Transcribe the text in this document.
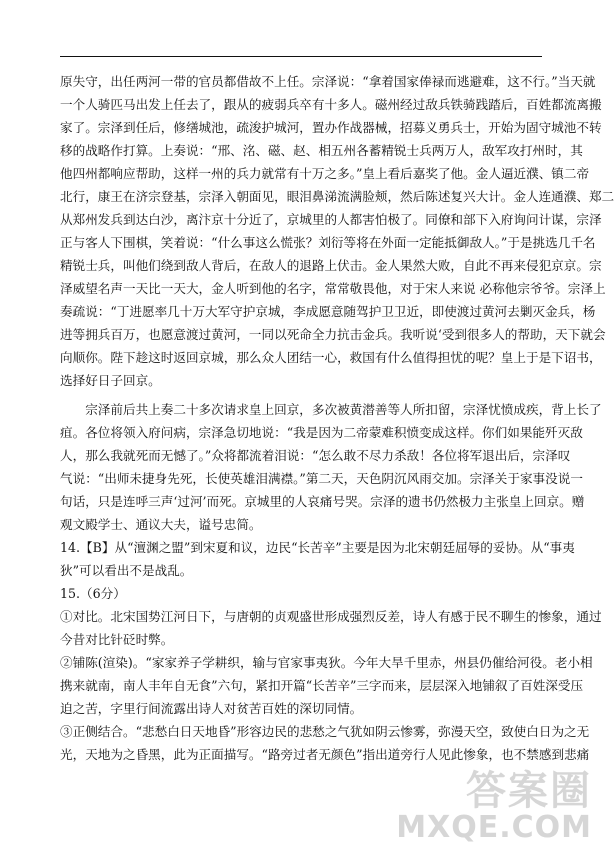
原失守，出任两河一带的官员都借故不上任。宗泽说：“拿着国家俸禄而逃避难，这不行。”当天就

一个人骑匹马出发上任去了，跟从的疲弱兵卒有十多人。磁州经过敌兵铁骑践踏后，百姓都流离搬

家了。宗泽到任后，修缮城池，疏浚护城河，置办作战器械，招募义勇兵士，开始为固守城池不转

移的战略作打算。上奏说：“邢、洺、磁、赵、相五州各蓄精锐士兵两万人，敌军攻打州时，其

他四州都响应帮助，这样一州的兵力就常有十万之多。”皇上看后嘉奖了他。金人逼近濮、镇二帝

北行，康王在济宗登基，宗泽入朝面见，眼泪鼻涕流满脸颊，然后陈述复兴大计。金人连通濮、郑二

从郑州发兵到达白沙，离汴京十分近了，京城里的人都害怕极了。同僚和部下入府询问计谋，宗泽

正与客人下围棋，笑着说：“什么事这么慌张？刘衍等将在外面一定能抵御敌人。”于是挑选几千名

精锐士兵，叫他们绕到敌人背后，在敌人的退路上伏击。金人果然大败，自此不再来侵犯京京。宗

泽威望名声一天比一天大，金人听到他的名字，常常敬畏他，对于宋人来说 必称他宗爷爷。宗泽上

奏疏说：“丁进愿率几十万大军守护京城，李成愿意随驾护卫卫近，即使渡过黄河去剿灭金兵，杨

进等拥兵百万，也愿意渡过黄河，一同以死命全力抗击金兵。我听说‘受到很多人的帮助，天下就会

向顺你。陛下趁这时返回京城，那么众人团结一心，救国有什么值得担忧的呢？皇上于是下诏书，

选择好日子回京。

宗泽前后共上奏二十多次请求皇上回京，多次被黄潜善等人所扣留，宗泽忧愤成疾，背上长了

疽。各位将领入府问病，宗泽急切地说：“我是因为二帝蒙难积愤变成这样。你们如果能歼灭敌

人，那么我就死而无憾了。”众将都流着泪说：“怎么敢不尽力杀敌！各位将军退出后，宗泽叹

气说：“出师未捷身先死，长使英雄泪满襟。”第二天，天色阴沉风雨交加。宗泽关于家事没说一

句话，只是连呼三声‘过河’而死。京城里的人哀痛号哭。宗泽的遗书仍然极力主张皇上回京。赠

观文殿学士、通议大夫，谥号忠简。

14.【B】从“澶渊之盟”到宋夏和议，边民“长苦辛”主要是因为北宋朝廷屈辱的妥协。从“事夷

狄”可以看出不是战乱。

15.（6分）

①对比。北宋国势江河日下，与唐朝的贞观盛世形成强烈反差，诗人有感于民不聊生的惨象，通过

今昔对比针砭时弊。

②铺陈(渲染)。“家家养子学耕织，输与官家事夷狄。今年大旱千里赤，州县仍催给河役。老小相

携来就南，南人丰年自无食”六句，紧扣开篇“长苦辛”三字而来，层层深入地铺叙了百姓深受压

迫之苦，字里行间流露出诗人对贫苦百姓的深切同情。

③正侧结合。“悲愁白日天地昏”形容边民的悲愁之气犹如阴云惨雾，弥漫天空，致使白日为之无

光，天地为之昏黑，此为正面描写。“路旁过者无颜色”指出道旁行人见此惨象，也不禁感到悲痛

答案圈
MXQE.COM
